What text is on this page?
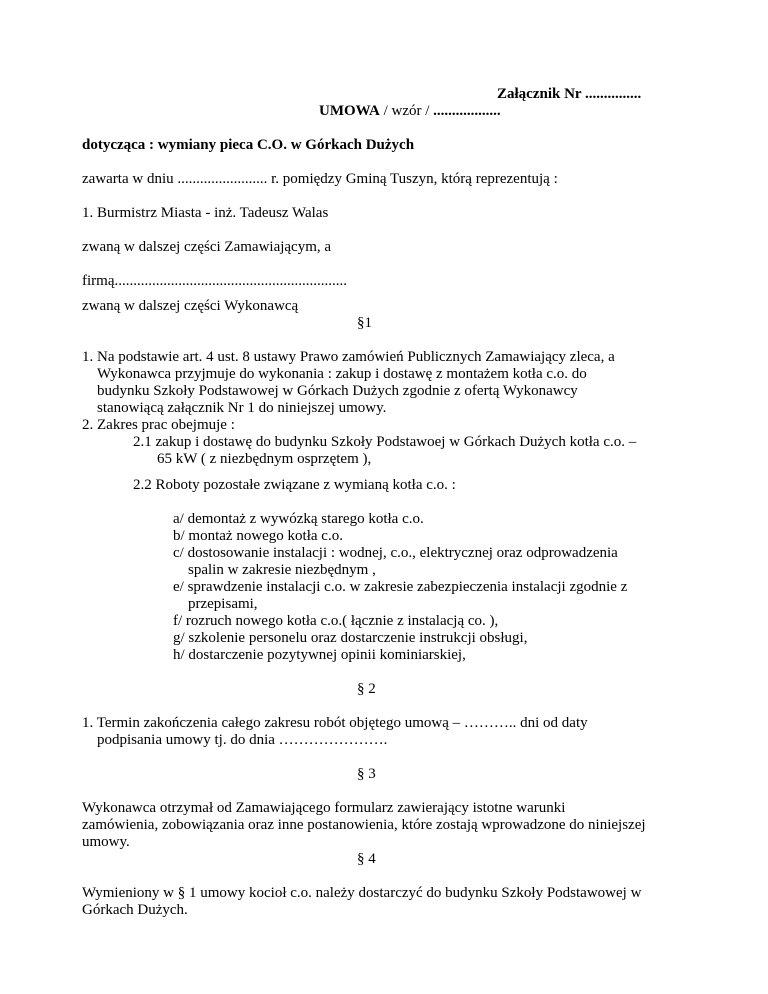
Załącznik Nr ...............

UMOWA / wzór / ..................

dotycząca : wymiany pieca C.O. w Górkach Dużych

zawarta w dniu ........................ r. pomiędzy Gminą Tuszyn, którą reprezentują :

1. Burmistrz Miasta - inż. Tadeusz Walas

zwaną w dalszej części Zamawiającym, a

firmą..............................................................

zwaną w dalszej części Wykonawcą

§1

1. Na podstawie art. 4 ust. 8 ustawy Prawo zamówień Publicznych Zamawiający zleca, a

Wykonawca przyjmuje do wykonania : zakup i dostawę z montażem kotła c.o. do

budynku Szkoły Podstawowej w Górkach Dużych zgodnie z ofertą Wykonawcy

stanowiącą załącznik Nr 1 do niniejszej umowy.

2. Zakres prac obejmuje :

2.1 zakup i dostawę do budynku Szkoły Podstawoej w Górkach Dużych kotła c.o. –

65 kW ( z niezbędnym osprzętem ),

2.2 Roboty pozostałe związane z wymianą kotła c.o. :

a/ demontaż z wywózką starego kotła c.o.

b/ montaż nowego kotła c.o.

c/ dostosowanie instalacji : wodnej, c.o., elektrycznej oraz odprowadzenia

spalin w zakresie niezbędnym ,

e/ sprawdzenie instalacji c.o. w zakresie zabezpieczenia instalacji zgodnie z

przepisami,

f/ rozruch nowego kotła c.o.( łącznie z instalacją co. ),

g/ szkolenie personelu oraz dostarczenie instrukcji obsługi,

h/ dostarczenie pozytywnej opinii kominiarskiej,

§ 2

1. Termin zakończenia całego zakresu robót objętego umową – ……….. dni od daty

podpisania umowy tj. do dnia ………………….

§ 3

Wykonawca otrzymał od Zamawiającego formularz zawierający istotne warunki

zamówienia, zobowiązania oraz inne postanowienia, które zostają wprowadzone do niniejszej

umowy.

§ 4

Wymieniony w § 1 umowy kocioł c.o. należy dostarczyć do budynku Szkoły Podstawowej w

Górkach Dużych.
